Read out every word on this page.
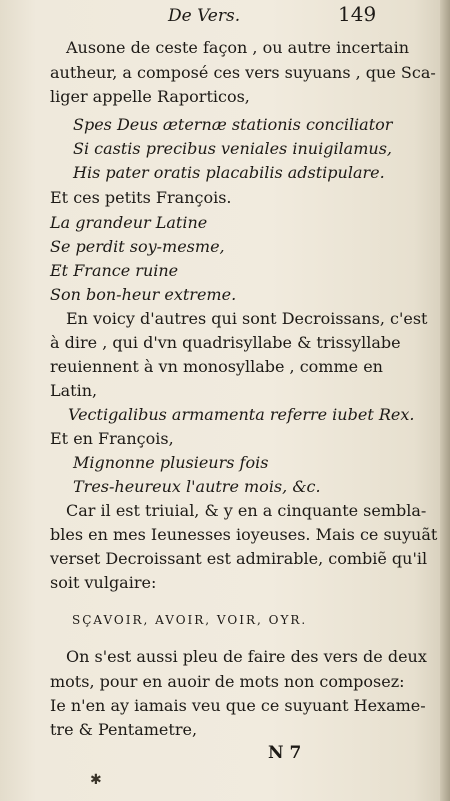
De Vers.	149
Ausone de ceste façon , ou autre incertain
autheur, a composé ces vers suyuans , que Sca-
liger appelle Raporticos,
Spes Deus æternæ stationis conciliator
Si castis precibus veniales inuigilamus,
His pater oratis placabilis adstipulare.
Et ces petits François.
La grandeur Latine
Se perdit soy-mesme,
Et France ruine
Son bon-heur extreme.
En voicy d'autres qui sont Decroissans, c'est
à dire , qui d'vn quadrisyllabe & trissyllabe
reuiennent à vn monosyllabe , comme en
Latin,
Vectigalibus armamenta referre iubet Rex.
Et en François,
Mignonne plusieurs fois
Tres-heureux l'autre mois, &c.
Car il est triuial, & y en a cinquante sembla-
bles en mes Ieunesses ioyeuses. Mais ce suyuãt
verset Decroissant est admirable, combiẽ qu'il
soit vulgaire:
SÇAVOIR, AVOIR, VOIR, OYR.
On s'est aussi pleu de faire des vers de deux
mots, pour en auoir de mots non composez:
Ie n'en ay iamais veu que ce suyuant Hexame-
tre & Pentametre,
N 7
✱
